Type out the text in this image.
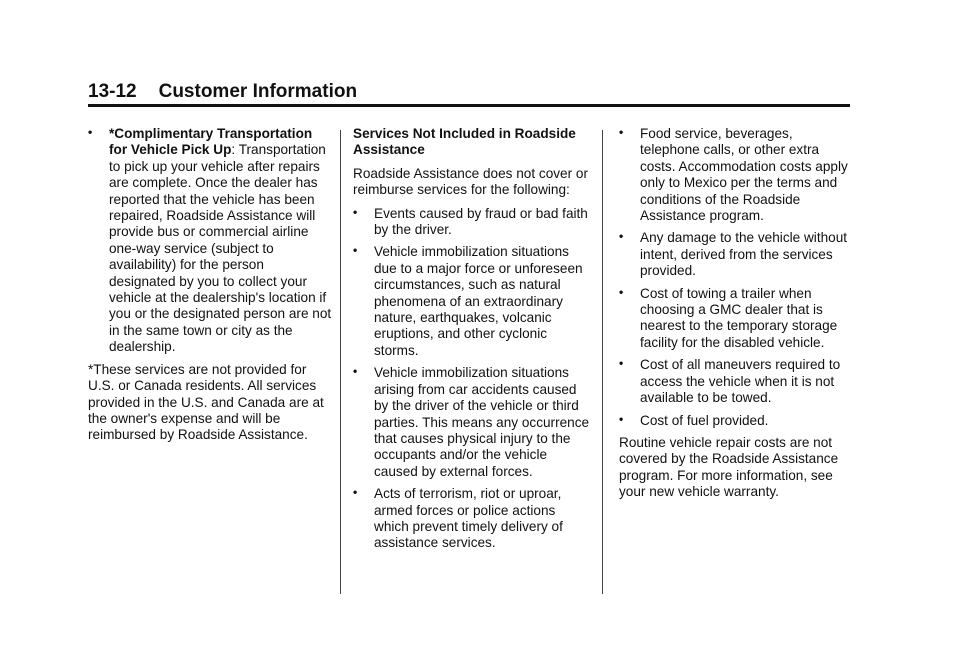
13-12 Customer Information
• *Complimentary Transportation for Vehicle Pick Up: Transportation to pick up your vehicle after repairs are complete. Once the dealer has reported that the vehicle has been repaired, Roadside Assistance will provide bus or commercial airline one-way service (subject to availability) for the person designated by you to collect your vehicle at the dealership's location if you or the designated person are not in the same town or city as the dealership.

*These services are not provided for U.S. or Canada residents. All services provided in the U.S. and Canada are at the owner's expense and will be reimbursed by Roadside Assistance.

Services Not Included in Roadside Assistance

Roadside Assistance does not cover or reimburse services for the following:

• Events caused by fraud or bad faith by the driver.
• Vehicle immobilization situations due to a major force or unforeseen circumstances, such as natural phenomena of an extraordinary nature, earthquakes, volcanic eruptions, and other cyclonic storms.
• Vehicle immobilization situations arising from car accidents caused by the driver of the vehicle or third parties. This means any occurrence that causes physical injury to the occupants and/or the vehicle caused by external forces.
• Acts of terrorism, riot or uproar, armed forces or police actions which prevent timely delivery of assistance services.
• Food service, beverages, telephone calls, or other extra costs. Accommodation costs apply only to Mexico per the terms and conditions of the Roadside Assistance program.
• Any damage to the vehicle without intent, derived from the services provided.
• Cost of towing a trailer when choosing a GMC dealer that is nearest to the temporary storage facility for the disabled vehicle.
• Cost of all maneuvers required to access the vehicle when it is not available to be towed.
• Cost of fuel provided.

Routine vehicle repair costs are not covered by the Roadside Assistance program. For more information, see your new vehicle warranty.
